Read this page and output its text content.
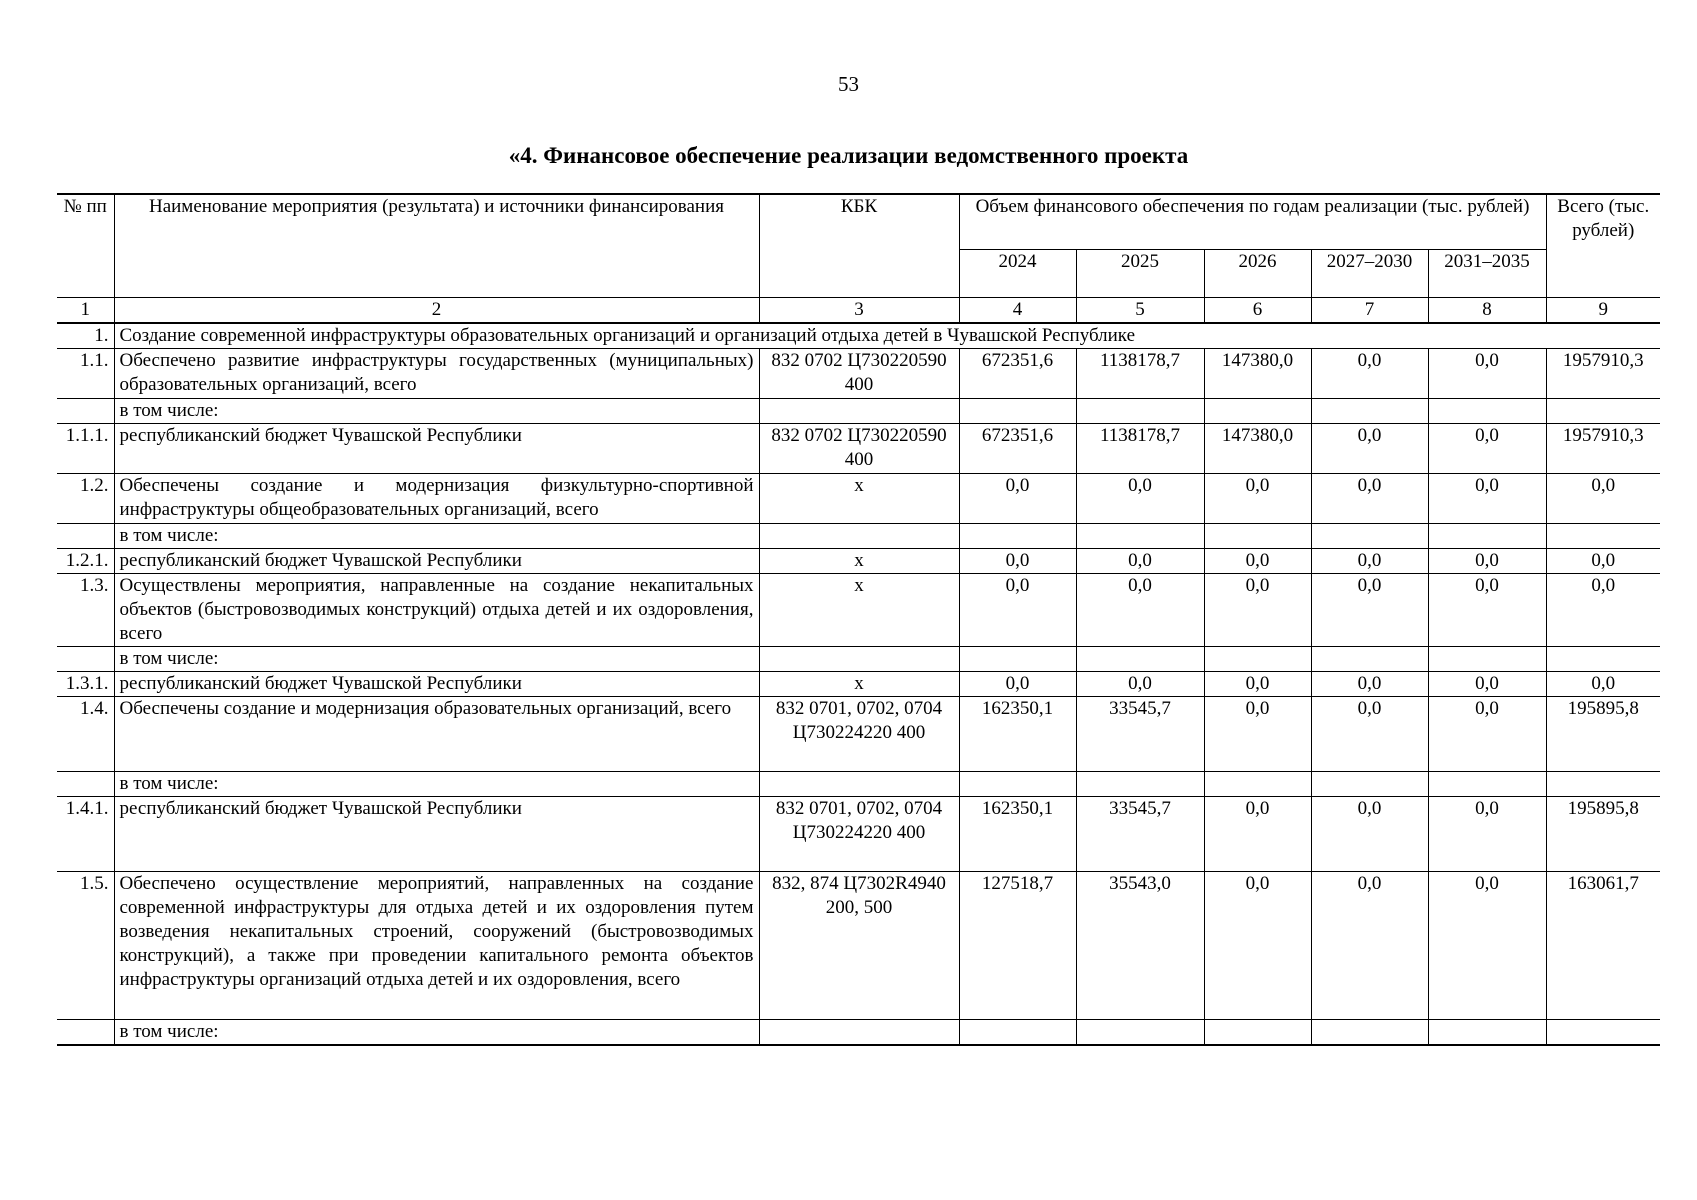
53
«4. Финансовое обеспечение реализации ведомственного проекта
№ пп	Наименование мероприятия (результата) и источники финансирования	КБК	Объем финансового обеспечения по годам реализации (тыс. рублей)					Всего (тыс. рублей)
			2024	2025	2026	2027–2030	2031–2035	
1	2	3	4	5	6	7	8	9
1.	Создание современной инфраструктуры образовательных организаций и организаций отдыха детей в Чувашской Республике							
1.1.	Обеспечено развитие инфраструктуры государственных (муниципальных) образовательных организаций, всего	832 0702 Ц730220590 400	672351,6	1138178,7	147380,0	0,0	0,0	1957910,3
	в том числе:							
1.1.1.	республиканский бюджет Чувашской Республики	832 0702 Ц730220590 400	672351,6	1138178,7	147380,0	0,0	0,0	1957910,3
1.2.	Обеспечены создание и модернизация физкультурно-спортивной инфраструктуры общеобразовательных организаций, всего	x	0,0	0,0	0,0	0,0	0,0	0,0
	в том числе:							
1.2.1.	республиканский бюджет Чувашской Республики	x	0,0	0,0	0,0	0,0	0,0	0,0
1.3.	Осуществлены мероприятия, направленные на создание некапитальных объектов (быстровозводимых конструкций) отдыха детей и их оздоровления, всего	x	0,0	0,0	0,0	0,0	0,0	0,0
	в том числе:							
1.3.1.	республиканский бюджет Чувашской Республики	x	0,0	0,0	0,0	0,0	0,0	0,0
1.4.	Обеспечены создание и модернизация образовательных организаций, всего	832 0701, 0702, 0704 Ц730224220 400	162350,1	33545,7	0,0	0,0	0,0	195895,8
	в том числе:							
1.4.1.	республиканский бюджет Чувашской Республики	832 0701, 0702, 0704 Ц730224220 400	162350,1	33545,7	0,0	0,0	0,0	195895,8
1.5.	Обеспечено осуществление мероприятий, направленных на создание современной инфраструктуры для отдыха детей и их оздоровления путем возведения некапитальных строений, сооружений (быстровозводимых конструкций), а также при проведении капитального ремонта объектов инфраструктуры организаций отдыха детей и их оздоровления, всего	832, 874 Ц7302R4940 200, 500	127518,7	35543,0	0,0	0,0	0,0	163061,7
	в том числе:							
